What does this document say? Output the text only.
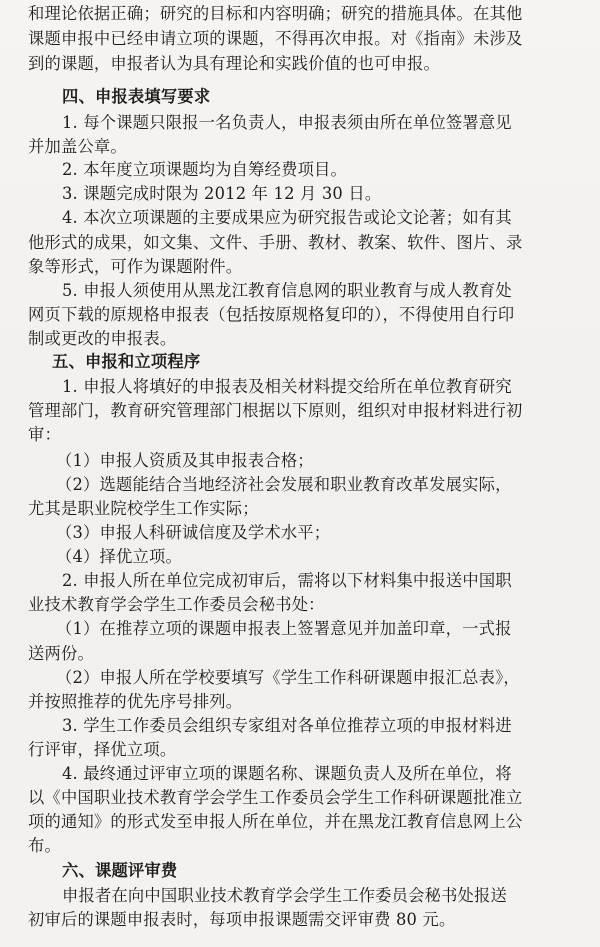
和理论依据正确；研究的目标和内容明确；研究的措施具体。在其他
课题申报中已经申请立项的课题，不得再次申报。对《指南》未涉及
到的课题，申报者认为具有理论和实践价值的也可申报。
四、申报表填写要求
1. 每个课题只限报一名负责人，申报表须由所在单位签署意见
并加盖公章。
2. 本年度立项课题均为自筹经费项目。
3. 课题完成时限为 2012 年 12 月 30 日。
4. 本次立项课题的主要成果应为研究报告或论文论著；如有其
他形式的成果，如文集、文件、手册、教材、教案、软件、图片、录
象等形式，可作为课题附件。
5. 申报人须使用从黑龙江教育信息网的职业教育与成人教育处
网页下载的原规格申报表（包括按原规格复印的），不得使用自行印
制或更改的申报表。
五、申报和立项程序
1. 申报人将填好的申报表及相关材料提交给所在单位教育研究
管理部门，教育研究管理部门根据以下原则，组织对申报材料进行初
审：
（1）申报人资质及其申报表合格；
（2）选题能结合当地经济社会发展和职业教育改革发展实际，
尤其是职业院校学生工作实际；
（3）申报人科研诚信度及学术水平；
（4）择优立项。
2. 申报人所在单位完成初审后，需将以下材料集中报送中国职
业技术教育学会学生工作委员会秘书处：
（1）在推荐立项的课题申报表上签署意见并加盖印章，一式报
送两份。
（2）申报人所在学校要填写《学生工作科研课题申报汇总表》，
并按照推荐的优先序号排列。
3. 学生工作委员会组织专家组对各单位推荐立项的申报材料进
行评审，择优立项。
4. 最终通过评审立项的课题名称、课题负责人及所在单位，将
以《中国职业技术教育学会学生工作委员会学生工作科研课题批准立
项的通知》的形式发至申报人所在单位，并在黑龙江教育信息网上公
布。
六、课题评审费
申报者在向中国职业技术教育学会学生工作委员会秘书处报送
初审后的课题申报表时，每项申报课题需交评审费 80 元。
